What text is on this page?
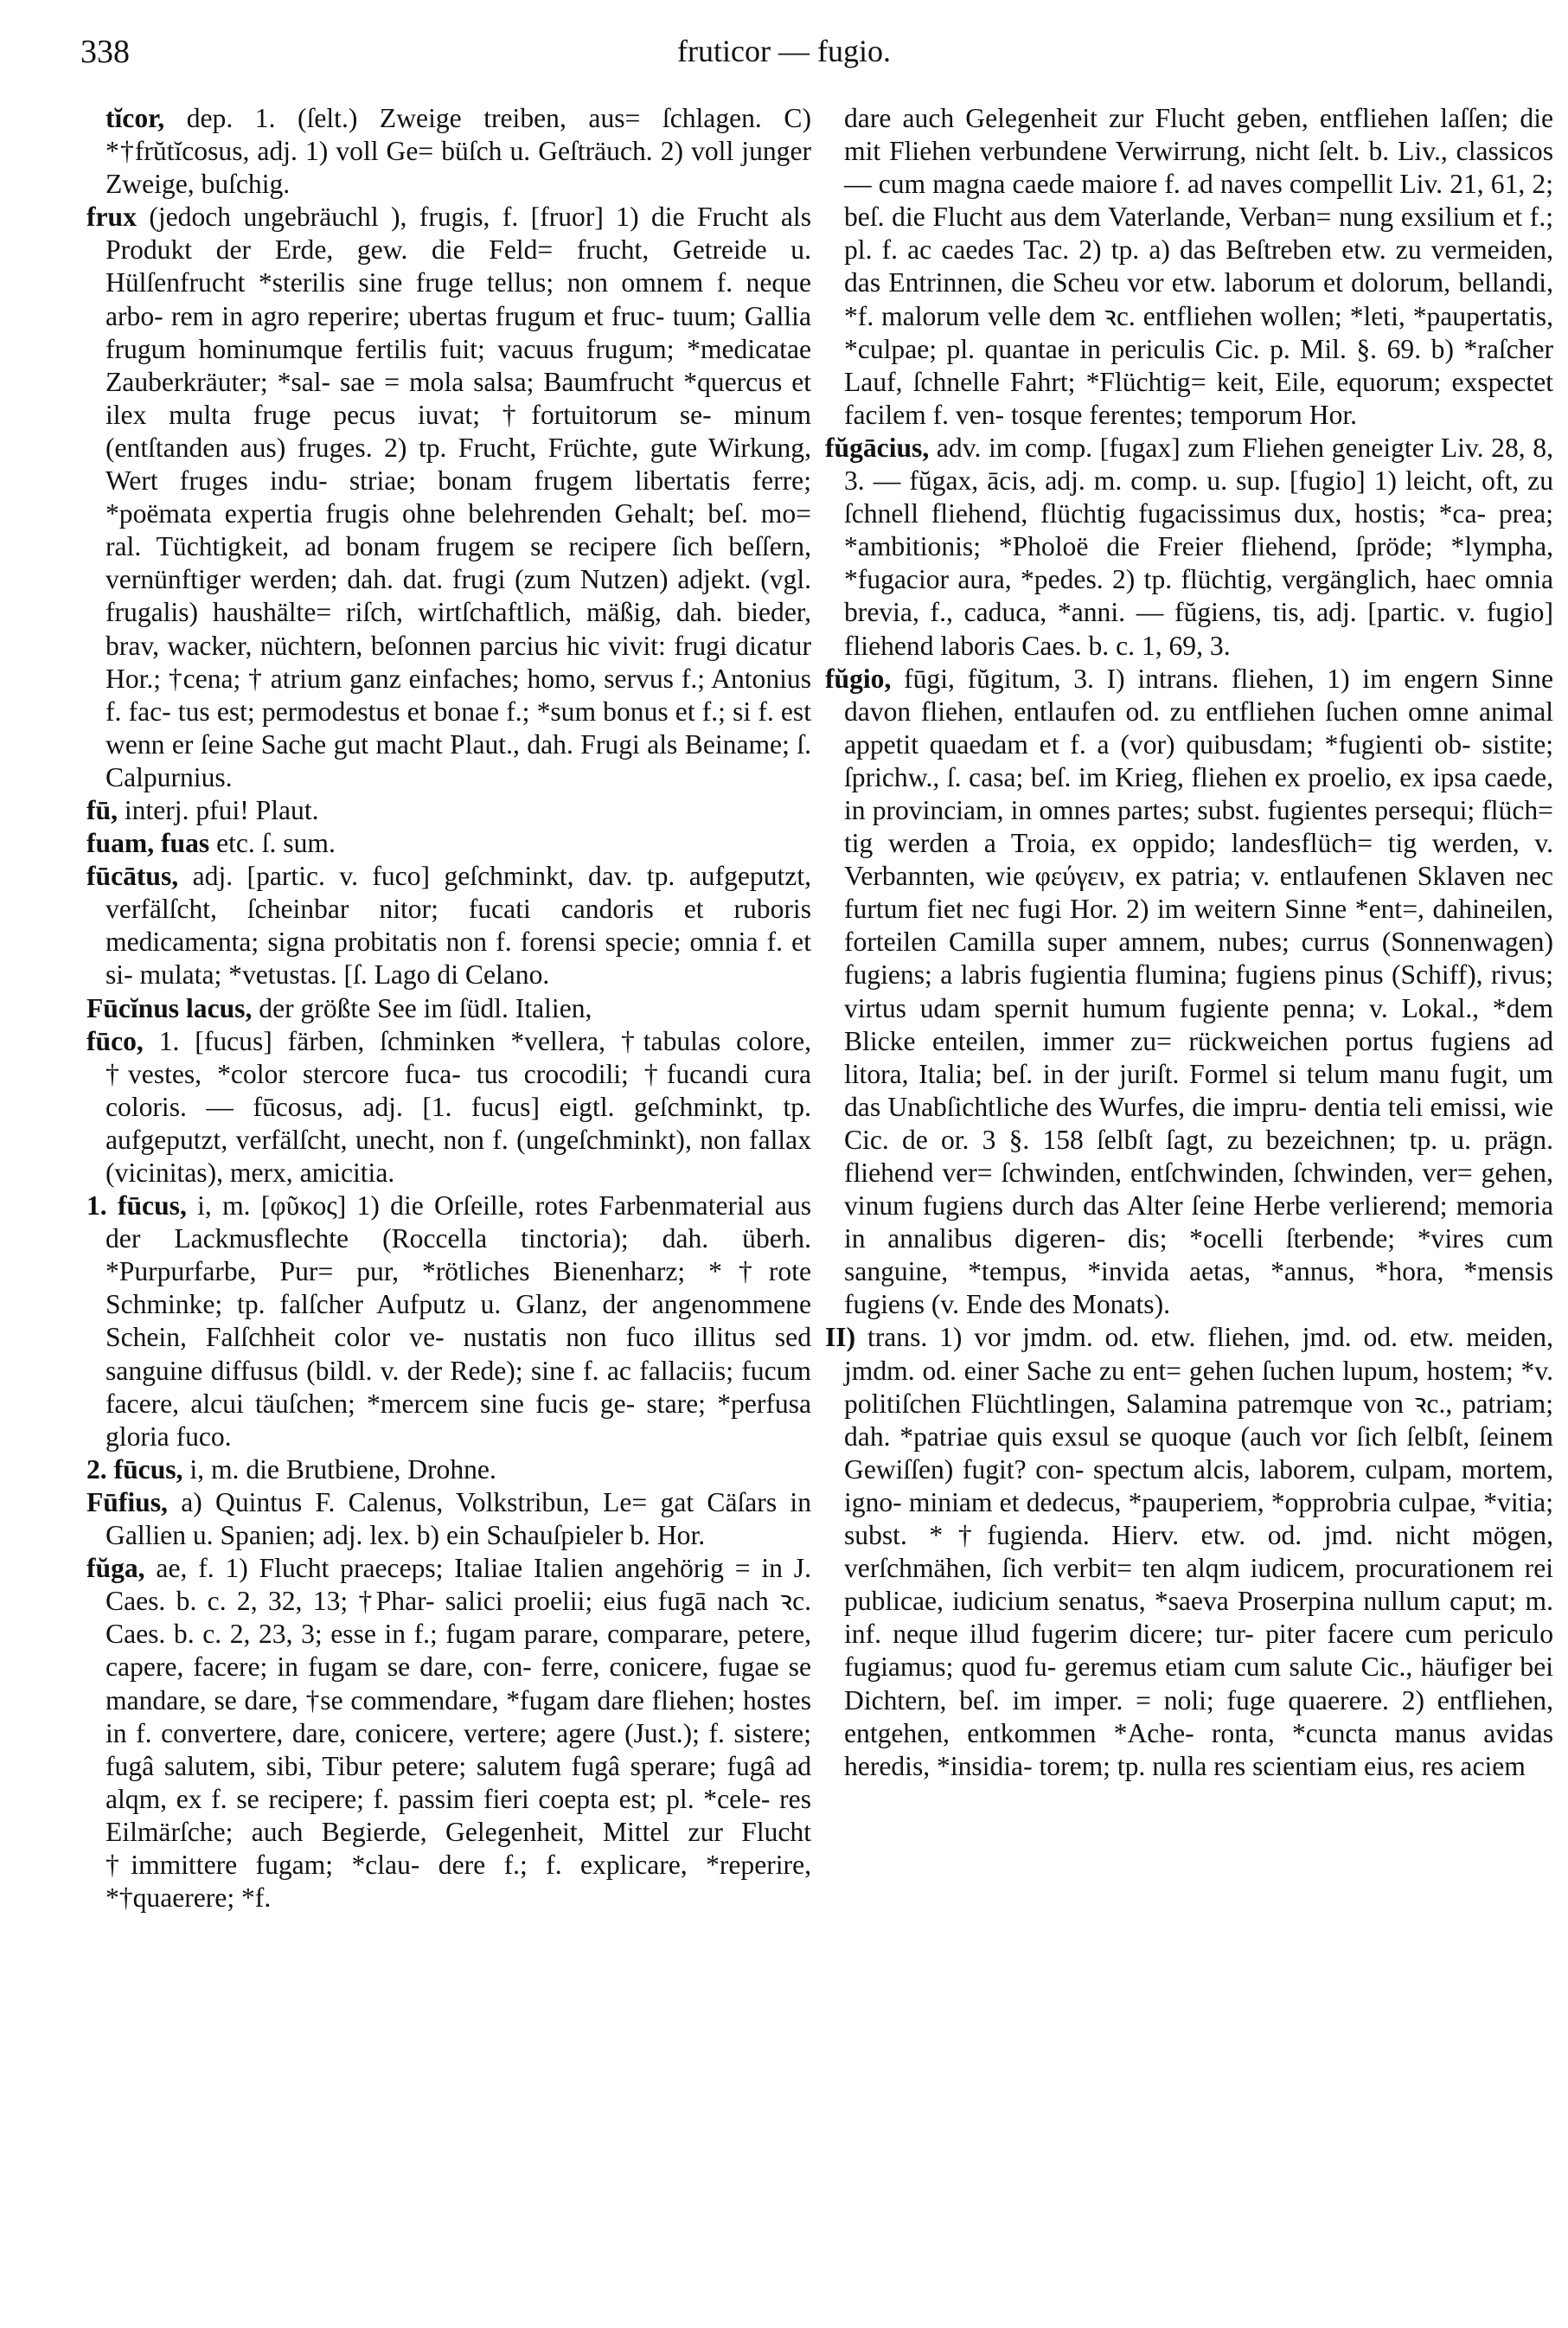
338	fruticor — fugio.

tĭcor, dep. 1. (ſelt.) Zweige treiben, aus= ſchlagen. C) *†frŭtĭcosus, adj. 1) voll Ge= büſch u. Geſträuch. 2) voll junger Zweige, buſchig.

frux (jedoch ungebräuchl ), frugis, f. [fruor] 1) die Frucht als Produkt der Erde, gew. die Feld= frucht, Getreide u. Hülſenfrucht *sterilis sine fruge tellus; non omnem f. neque arbo- rem in agro reperire; ubertas frugum et fruc- tuum; Gallia frugum hominumque fertilis fuit; vacuus frugum; *medicatae Zauberkräuter; *sal- sae = mola salsa; Baumfrucht *quercus et ilex multa fruge pecus iuvat; †fortuitorum se- minum (entſtanden aus) fruges. 2) tp. Frucht, Früchte, gute Wirkung, Wert fruges indu- striae; bonam frugem libertatis ferre; *poëmata expertia frugis ohne belehrenden Gehalt; beſ. mo= ral. Tüchtigkeit, ad bonam frugem se recipere ſich beſſern, vernünftiger werden; dah. dat. frugi (zum Nutzen) adjekt. (vgl. frugalis) haushälte= riſch, wirtſchaftlich, mäßig, dah. bieder, brav, wacker, nüchtern, beſonnen parcius hic vivit: frugi dicatur Hor.; †cena; † atrium ganz einfaches; homo, servus f.; Antonius f. fac- tus est; permodestus et bonae f.; *sum bonus et f.; si f. est wenn er ſeine Sache gut macht Plaut., dah. Frugi als Beiname; ſ. Calpurnius.

fū, interj. pfui! Plaut.

fuam, fuas etc. ſ. sum.

fūcātus, adj. [partic. v. fuco] geſchminkt, dav. tp. aufgeputzt, verfälſcht, ſcheinbar nitor; fucati candoris et ruboris medicamenta; signa probitatis non f. forensi specie; omnia f. et si- mulata; *vetustas. [ſ. Lago di Celano.

Fūcĭnus lacus, der größte See im ſüdl. Italien,

fūco, 1. [fucus] färben, ſchminken *vellera, †tabulas colore, †vestes, *color stercore fuca- tus crocodili; †fucandi cura coloris. — fūcosus, adj. [1. fucus] eigtl. geſchminkt, tp. aufgeputzt, verfälſcht, unecht, non f. (ungeſchminkt), non fallax (vicinitas), merx, amicitia.

1. fūcus, i, m. [φῦκος] 1) die Orſeille, rotes Farbenmaterial aus der Lackmusflechte (Roccella tinctoria); dah. überh. *Purpurfarbe, Pur= pur, *rötliches Bienenharz; *†rote Schminke; tp. falſcher Aufputz u. Glanz, der angenommene Schein, Falſchheit color ve- nustatis non fuco illitus sed sanguine diffusus (bildl. v. der Rede); sine f. ac fallaciis; fucum facere, alcui täuſchen; *mercem sine fucis ge- stare; *perfusa gloria fuco.

2. fūcus, i, m. die Brutbiene, Drohne.

Fūfius, a) Quintus F. Calenus, Volkstribun, Le= gat Cäſars in Gallien u. Spanien; adj. lex. b) ein Schauſpieler b. Hor.

fŭga, ae, f. 1) Flucht praeceps; Italiae Italien angehörig = in J. Caes. b. c. 2, 32, 13; †Phar- salici proelii; eius fugā nach ꝛc. Caes. b. c. 2, 23, 3; esse in f.; fugam parare, comparare, petere, capere, facere; in fugam se dare, con- ferre, conicere, fugae se mandare, se dare, †se commendare, *fugam dare fliehen; hostes in f. convertere, dare, conicere, vertere; agere (Just.); f. sistere; fugâ salutem, sibi, Tibur petere; salutem fugâ sperare; fugâ ad alqm, ex f. se recipere; f. passim fieri coepta est; pl. *cele- res Eilmärſche; auch Begierde, Gelegenheit, Mittel zur Flucht †immittere fugam; *clau- dere f.; f. explicare, *reperire, *†quaerere; *f.

dare auch Gelegenheit zur Flucht geben, entfliehen laſſen; die mit Fliehen verbundene Verwirrung, nicht ſelt. b. Liv., classicos — cum magna caede maiore f. ad naves compellit Liv. 21, 61, 2; beſ. die Flucht aus dem Vaterlande, Verban= nung exsilium et f.; pl. f. ac caedes Tac. 2) tp. a) das Beſtreben etw. zu vermeiden, das Entrinnen, die Scheu vor etw. laborum et dolorum, bellandi, *f. malorum velle dem ꝛc. entfliehen wollen; *leti, *paupertatis, *culpae; pl. quantae in periculis Cic. p. Mil. §. 69. b) *raſcher Lauf, ſchnelle Fahrt; *Flüchtig= keit, Eile, equorum; exspectet facilem f. ven- tosque ferentes; temporum Hor.

fŭgācius, adv. im comp. [fugax] zum Fliehen geneigter Liv. 28, 8, 3. — fŭgax, ācis, adj. m. comp. u. sup. [fugio] 1) leicht, oft, zu ſchnell fliehend, flüchtig fugacissimus dux, hostis; *ca- prea; *ambitionis; *Pholoë die Freier fliehend, ſpröde; *lympha, *fugacior aura, *pedes. 2) tp. flüchtig, vergänglich, haec omnia brevia, f., caduca, *anni. — fŭgiens, tis, adj. [partic. v. fugio] fliehend laboris Caes. b. c. 1, 69, 3.

fŭgio, fūgi, fŭgitum, 3. I) intrans. fliehen, 1) im engern Sinne davon fliehen, entlaufen od. zu entfliehen ſuchen omne animal appetit quaedam et f. a (vor) quibusdam; *fugienti ob- sistite; ſprichw., ſ. casa; beſ. im Krieg, fliehen ex proelio, ex ipsa caede, in provinciam, in omnes partes; subst. fugientes persequi; flüch= tig werden a Troia, ex oppido; landesflüch= tig werden, v. Verbannten, wie φεύγειν, ex patria; v. entlaufenen Sklaven nec furtum fiet nec fugi Hor. 2) im weitern Sinne *ent=, dahineilen, forteilen Camilla super amnem, nubes; currus (Sonnenwagen) fugiens; a labris fugientia flumina; fugiens pinus (Schiff), rivus; virtus udam spernit humum fugiente penna; v. Lokal., *dem Blicke enteilen, immer zu= rückweichen portus fugiens ad litora, Italia; beſ. in der juriſt. Formel si telum manu fugit, um das Unabſichtliche des Wurfes, die impru- dentia teli emissi, wie Cic. de or. 3 §. 158 ſelbſt ſagt, zu bezeichnen; tp. u. prägn. fliehend ver= ſchwinden, entſchwinden, ſchwinden, ver= gehen, vinum fugiens durch das Alter ſeine Herbe verlierend; memoria in annalibus digeren- dis; *ocelli ſterbende; *vires cum sanguine, *tempus, *invida aetas, *annus, *hora, *mensis fugiens (v. Ende des Monats).

II) trans. 1) vor jmdm. od. etw. fliehen, jmd. od. etw. meiden, jmdm. od. einer Sache zu ent= gehen ſuchen lupum, hostem; *v. politiſchen Flüchtlingen, Salamina patremque von ꝛc., patriam; dah. *patriae quis exsul se quoque (auch vor ſich ſelbſt, ſeinem Gewiſſen) fugit? con- spectum alcis, laborem, culpam, mortem, igno- miniam et dedecus, *pauperiem, *opprobria culpae, *vitia; subst. *†fugienda. Hierv. etw. od. jmd. nicht mögen, verſchmähen, ſich verbit= ten alqm iudicem, procurationem rei publicae, iudicium senatus, *saeva Proserpina nullum caput; m. inf. neque illud fugerim dicere; tur- piter facere cum periculo fugiamus; quod fu- geremus etiam cum salute Cic., häufiger bei Dichtern, beſ. im imper. = noli; fuge quaerere. 2) entfliehen, entgehen, entkommen *Ache- ronta, *cuncta manus avidas heredis, *insidia- torem; tp. nulla res scientiam eius, res aciem
